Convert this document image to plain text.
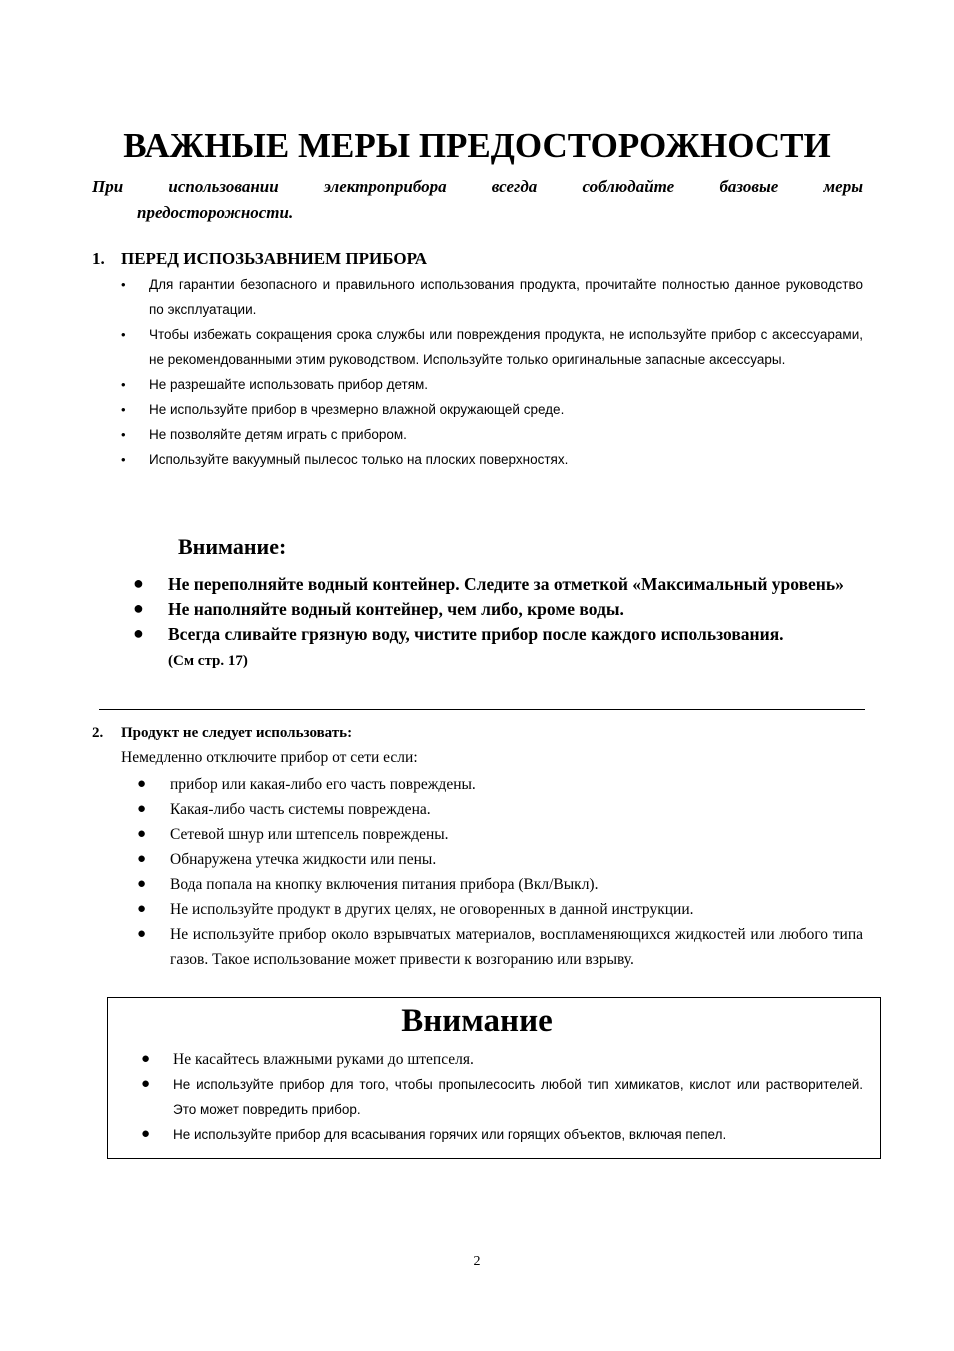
ВАЖНЫЕ МЕРЫ ПРЕДОСТОРОЖНОСТИ
При использовании электроприбора всегда соблюдайте базовые меры
предосторожности.
1. ПЕРЕД ИСПОЗЬЗАВНИЕМ ПРИБОРА
• Для гарантии безопасного и правильного использования продукта, прочитайте полностью данное руководство по эксплуатации.
• Чтобы избежать сокращения срока службы или повреждения продукта, не используйте прибор с аксессуарами, не рекомендованными этим руководством. Используйте только оригинальные запасные аксессуары.
• Не разрешайте использовать прибор детям.
• Не используйте прибор в чрезмерно влажной окружающей среде.
• Не позволяйте детям играть с прибором.
• Используйте вакуумный пылесос только на плоских поверхностях.
Внимание:
● Не переполняйте водный контейнер. Следите за отметкой «Максимальный уровень»
● Не наполняйте водный контейнер, чем либо, кроме воды.
● Всегда сливайте грязную воду, чистите прибор после каждого использования.
(См стр. 17)
2. Продукт не следует использовать:
Немедленно отключите прибор от сети если:
● прибор или какая-либо его часть повреждены.
● Какая-либо часть системы повреждена.
● Сетевой шнур или штепсель повреждены.
● Обнаружена утечка жидкости или пены.
● Вода попала на кнопку включения питания прибора (Вкл/Выкл).
● Не используйте продукт в других целях, не оговоренных в данной инструкции.
● Не используйте прибор около взрывчатых материалов, воспламеняющихся жидкостей или любого типа газов. Такое использование может привести к возгоранию или взрыву.
Внимание
● Не касайтесь влажными руками до штепселя.
● Не используйте прибор для того, чтобы пропылесосить любой тип химикатов, кислот или растворителей. Это может повредить прибор.
● Не используйте прибор для всасывания горячих или горящих объектов, включая пепел.
2
